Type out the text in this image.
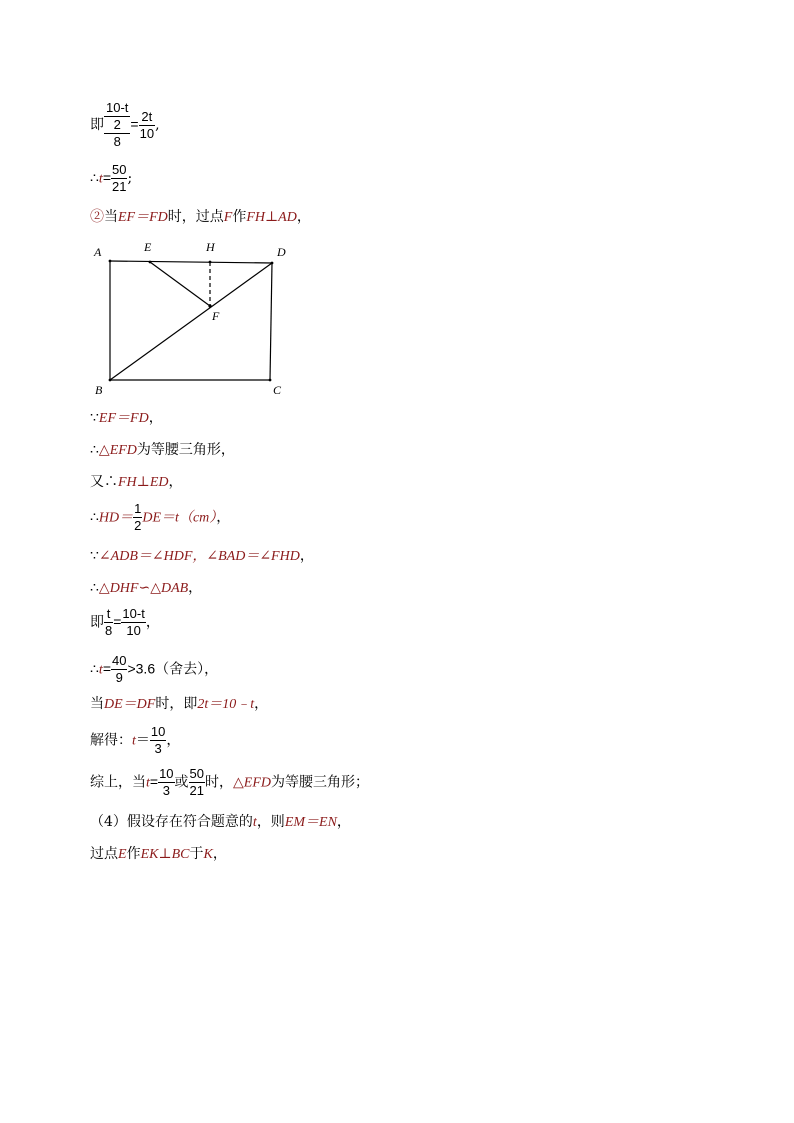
即 10-t
2
$8 = \frac{2t}{10}$ ,
∴t= $\frac{50}{21}$ ;
②当EF＝FD时，过点F作FH⊥AD，
A	E	H	D
F
B	C
∵EF＝FD，
∴△EFD为等腰三角形，
又∴FH⊥ED，
∴HD＝ $\frac{1}{2} DE=t(cm)$，
∵∠ADB＝∠HDF，∠BAD＝∠FHD，
∴△DHF∽△DAB，
即 $\frac{t}{8} = \frac{10-t}{10}$ ，
∴t= $\frac{40}{9} >3.6$（舍去），
当DE＝DF时，即2t＝10﹣t，
解得：$t= \frac{10}{3}$ ，
综上，当$t= \frac{10}{3}$ 或 $\frac{50}{21}$ 时，△EFD为等腰三角形；
（4）假设存在符合题意的t，则EM＝EN，
过点E作EK⊥BC于K，
